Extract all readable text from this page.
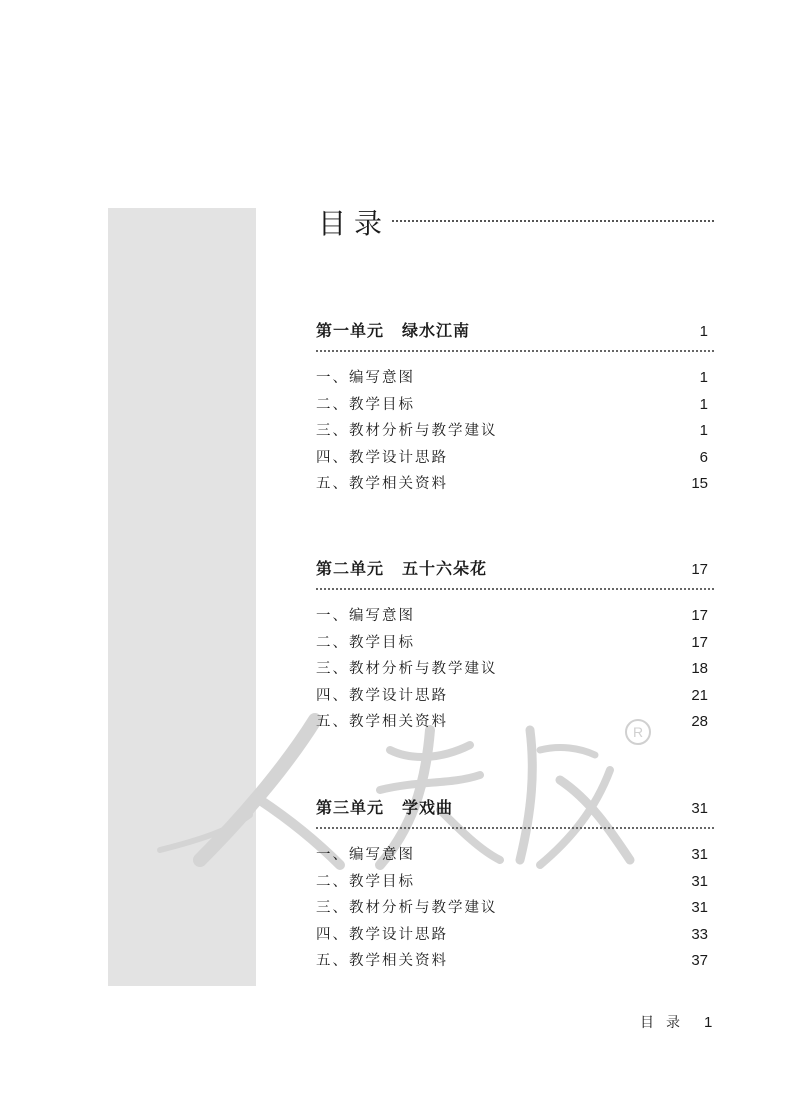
R
目录
第一单元 绿水江南	1
一、编写意图	1
二、教学目标	1
三、教材分析与教学建议	1
四、教学设计思路	6
五、教学相关资料	15
第二单元 五十六朵花	17
一、编写意图	17
二、教学目标	17
三、教材分析与教学建议	18
四、教学设计思路	21
五、教学相关资料	28
第三单元 学戏曲	31
一、编写意图	31
二、教学目标	31
三、教材分析与教学建议	31
四、教学设计思路	33
五、教学相关资料	37
目录 1
